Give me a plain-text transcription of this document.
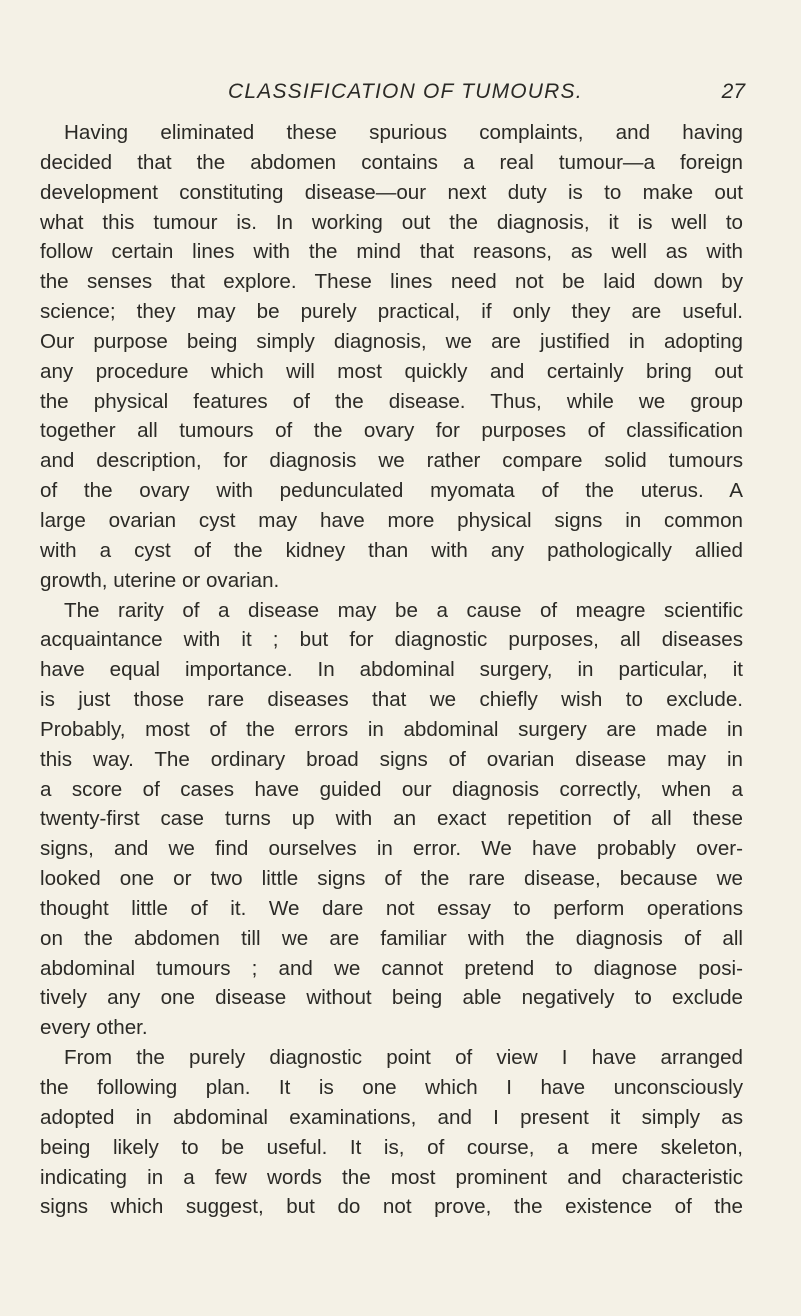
CLASSIFICATION OF TUMOURS.	27
Having eliminated these spurious complaints, and having
decided that the abdomen contains a real tumour—a foreign
development constituting disease—our next duty is to make out
what this tumour is. In working out the diagnosis, it is well to
follow certain lines with the mind that reasons, as well as with
the senses that explore. These lines need not be laid down by
science; they may be purely practical, if only they are useful.
Our purpose being simply diagnosis, we are justified in adopting
any procedure which will most quickly and certainly bring out
the physical features of the disease. Thus, while we group
together all tumours of the ovary for purposes of classification
and description, for diagnosis we rather compare solid tumours
of the ovary with pedunculated myomata of the uterus. A
large ovarian cyst may have more physical signs in common
with a cyst of the kidney than with any pathologically allied
growth, uterine or ovarian.
The rarity of a disease may be a cause of meagre scientific
acquaintance with it ; but for diagnostic purposes, all diseases
have equal importance. In abdominal surgery, in particular, it
is just those rare diseases that we chiefly wish to exclude.
Probably, most of the errors in abdominal surgery are made in
this way. The ordinary broad signs of ovarian disease may in
a score of cases have guided our diagnosis correctly, when a
twenty-first case turns up with an exact repetition of all these
signs, and we find ourselves in error. We have probably over-
looked one or two little signs of the rare disease, because we
thought little of it. We dare not essay to perform operations
on the abdomen till we are familiar with the diagnosis of all
abdominal tumours ; and we cannot pretend to diagnose posi-
tively any one disease without being able negatively to exclude
every other.
From the purely diagnostic point of view I have arranged
the following plan. It is one which I have unconsciously
adopted in abdominal examinations, and I present it simply as
being likely to be useful. It is, of course, a mere skeleton,
indicating in a few words the most prominent and characteristic
signs which suggest, but do not prove, the existence of the
